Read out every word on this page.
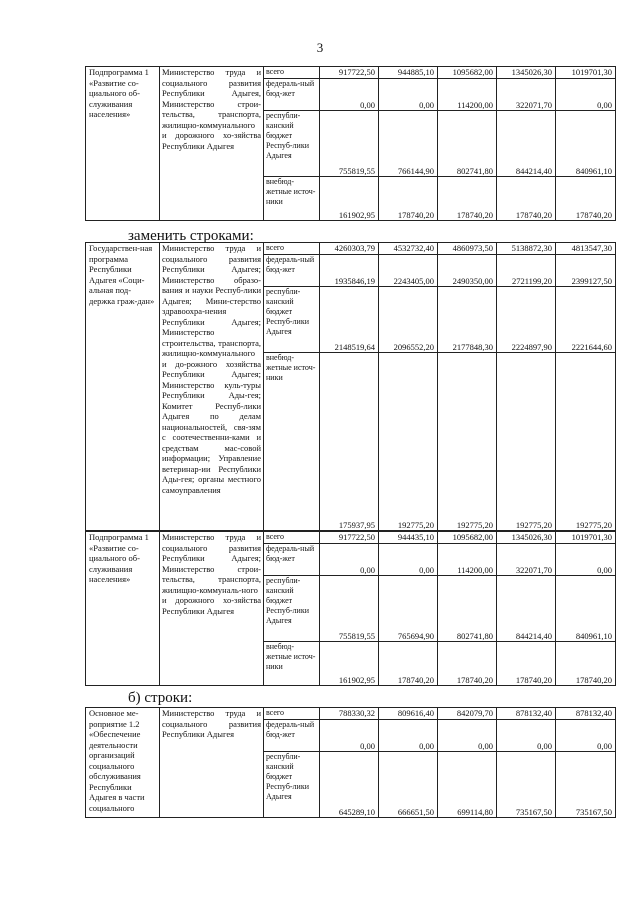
3
Подпрограмма 1 «Развитие со-циального об-служивания населения»	Министерство труда и социального развития Республики Адыгея, Министерство строи-тельства, транспорта, жилищно-коммунального и дорожного хо-зяйства Республики Адыгея	всего	917722,50	944885,10	1095682,00	1345026,30	1019701,30
		федераль-ный бюд-жет	0,00	0,00	114200,00	322071,70	0,00
		республи-канский бюджет Респуб-лики Адыгея	755819,55	766144,90	802741,80	844214,40	840961,10
		внебюд-жетные источ-ники	161902,95	178740,20	178740,20	178740,20	178740,20
заменить строками:
Государствен-ная программа Республики Адыгея «Соци-альная под-держка граж-дан»	Министерство труда и социального развития Республики Адыгея; Министерство образо-вания и науки Респуб-лики Адыгея; Мини-стерство здравоохра-нения Республики Адыгея; Министерство строительства, транспорта, жилищно-коммунального и до-рожного хозяйства Республики Адыгея; Министерство куль-туры Республики Ады-гея; Комитет Респуб-лики Адыгея по делам национальностей, свя-зям с соотечественни-ками и средствам мас-совой информации; Управление ветеринар-ии Республики Ады-гея; органы местного самоуправления	всего	4260303,79	4532732,40	4860973,50	5138872,30	4813547,30
		федераль-ный бюд-жет	1935846,19	2243405,00	2490350,00	2721199,20	2399127,50
		республи-канский бюджет Респуб-лики Адыгея	2148519,64	2096552,20	2177848,30	2224897,90	2221644,60
		внебюд-жетные источ-ники	175937,95	192775,20	192775,20	192775,20	192775,20
Подпрограмма 1 «Развитие со-циального об-служивания населения»	Министерство труда и социального развития Республики Адыгея; Министерство строи-тельства, транспорта, жилищно-коммуналь-ного и дорожного хо-зяйства Республики Адыгея	всего	917722,50	944435,10	1095682,00	1345026,30	1019701,30
		федераль-ный бюд-жет	0,00	0,00	114200,00	322071,70	0,00
		республи-канский бюджет Респуб-лики Адыгея	755819,55	765694,90	802741,80	844214,40	840961,10
		внебюд-жетные источ-ники	161902,95	178740,20	178740,20	178740,20	178740,20
б) строки:
Основное ме-роприятие 1.2 «Обеспечение деятельности организаций социального обслуживания Республики Адыгея в части социального	Министерство труда и социального развития Республики Адыгея	всего	788330,32	809616,40	842079,70	878132,40	878132,40
		федераль-ный бюд-жет	0,00	0,00	0,00	0,00	0,00
		республи-канский бюджет Респуб-лики Адыгея	645289,10	666651,50	699114,80	735167,50	735167,50
